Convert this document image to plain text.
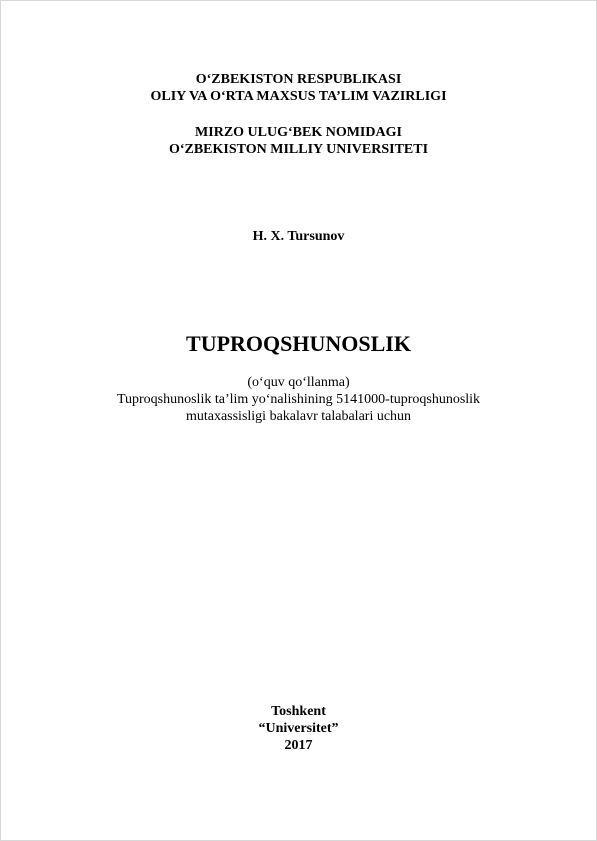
O‘ZBEKISTON RESPUBLIKASI
OLIY VA O‘RTA MAXSUS TA’LIM VAZIRLIGI
MIRZO ULUG‘BEK NOMIDAGI
O‘ZBEKISTON MILLIY UNIVERSITETI
H. X. Tursunov
TUPROQSHUNOSLIK
(o‘quv qo‘llanma)
Tuproqshunoslik ta’lim yo‘nalishining 5141000-tuproqshunoslik
mutaxassisligi bakalavr talabalari uchun
Toshkent
“Universitet”
2017
